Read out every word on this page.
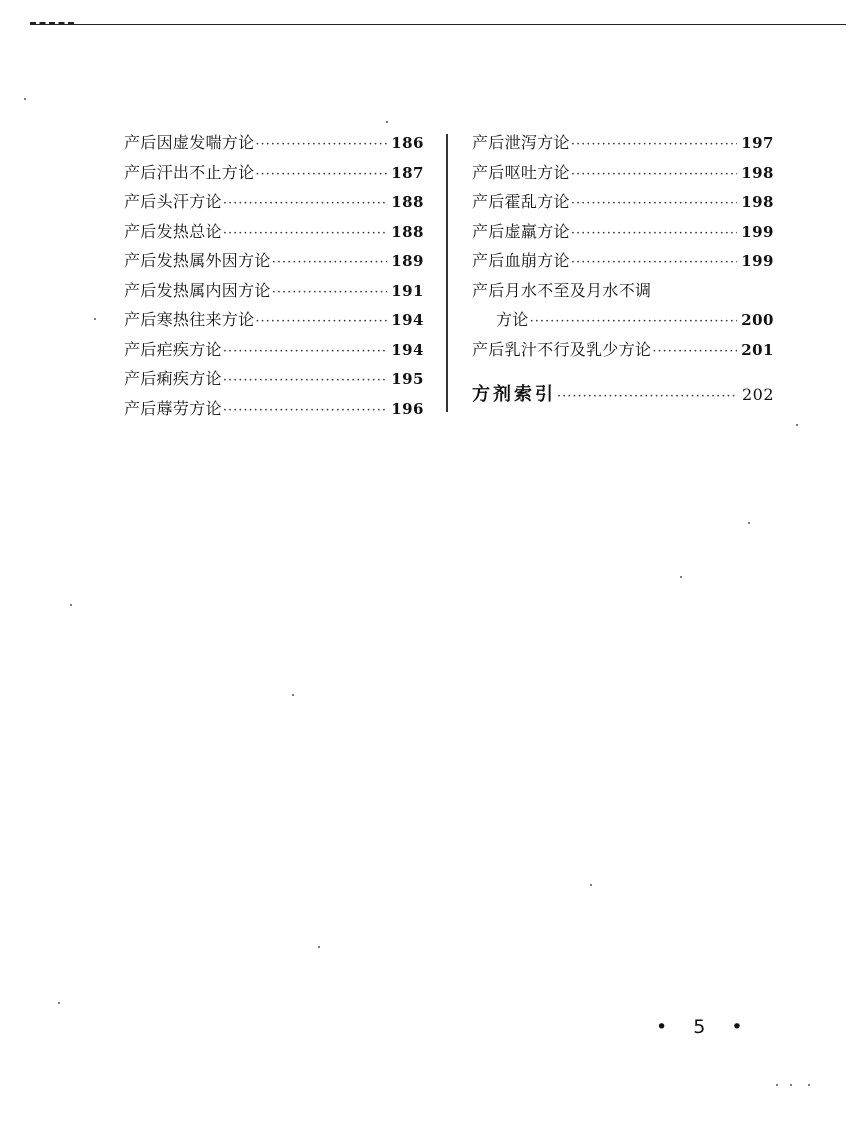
产后因虚发喘方论 ·····	186
产后汗出不止方论 ·····	187
产后头汗方论 ·····	188
产后发热总论 ·····	188
产后发热属外因方论 ·····	189
产后发热属内因方论 ·····	191
产后寒热往来方论 ·····	194
产后疟疾方论 ·····	194
产后痢疾方论 ·····	195
产后蓐劳方论 ·····	196
产后泄泻方论 ·····	197
产后呕吐方论 ·····	198
产后霍乱方论 ·····	198
产后虚羸方论 ·····	199
产后血崩方论 ·····	199
产后月水不至及月水不调
方论 ·····	200
产后乳汁不行及乳少方论 ·····	201
方剂索引 ·····	202
• 5 •
